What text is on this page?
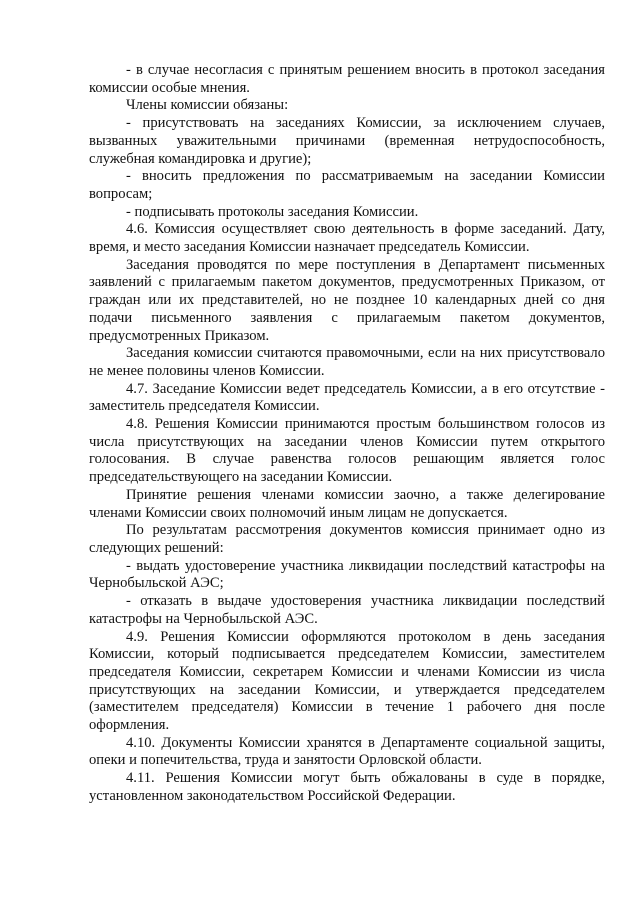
- в случае несогласия с принятым решением вносить в протокол заседания комиссии особые мнения.

Члены комиссии обязаны:

- присутствовать на заседаниях Комиссии, за исключением случаев, вызванных уважительными причинами (временная нетрудоспособность, служебная командировка и другие);

- вносить предложения по рассматриваемым на заседании Комиссии вопросам;

- подписывать протоколы заседания Комиссии.

4.6. Комиссия осуществляет свою деятельность в форме заседаний. Дату, время, и место заседания Комиссии назначает председатель Комиссии.

Заседания проводятся по мере поступления в Департамент письменных заявлений с прилагаемым пакетом документов, предусмотренных Приказом, от граждан или их представителей, но не позднее 10 календарных дней со дня подачи письменного заявления с прилагаемым пакетом документов, предусмотренных Приказом.

Заседания комиссии считаются правомочными, если на них присутствовало не менее половины членов Комиссии.

4.7. Заседание Комиссии ведет председатель Комиссии, а в его отсутствие - заместитель председателя Комиссии.

4.8. Решения Комиссии принимаются простым большинством голосов из числа присутствующих на заседании членов Комиссии путем открытого голосования. В случае равенства голосов решающим является голос председательствующего на заседании Комиссии.

Принятие решения членами комиссии заочно, а также делегирование членами Комиссии своих полномочий иным лицам не допускается.

По результатам рассмотрения документов комиссия принимает одно из следующих решений:

- выдать удостоверение участника ликвидации последствий катастрофы на Чернобыльской АЭС;

- отказать в выдаче удостоверения участника ликвидации последствий катастрофы на Чернобыльской АЭС.

4.9. Решения Комиссии оформляются протоколом в день заседания Комиссии, который подписывается председателем Комиссии, заместителем председателя Комиссии, секретарем Комиссии и членами Комиссии из числа присутствующих на заседании Комиссии, и утверждается председателем (заместителем председателя) Комиссии в течение 1 рабочего дня после оформления.

4.10. Документы Комиссии хранятся в Департаменте социальной защиты, опеки и попечительства, труда и занятости Орловской области.

4.11. Решения Комиссии могут быть обжалованы в суде в порядке, установленном законодательством Российской Федерации.
